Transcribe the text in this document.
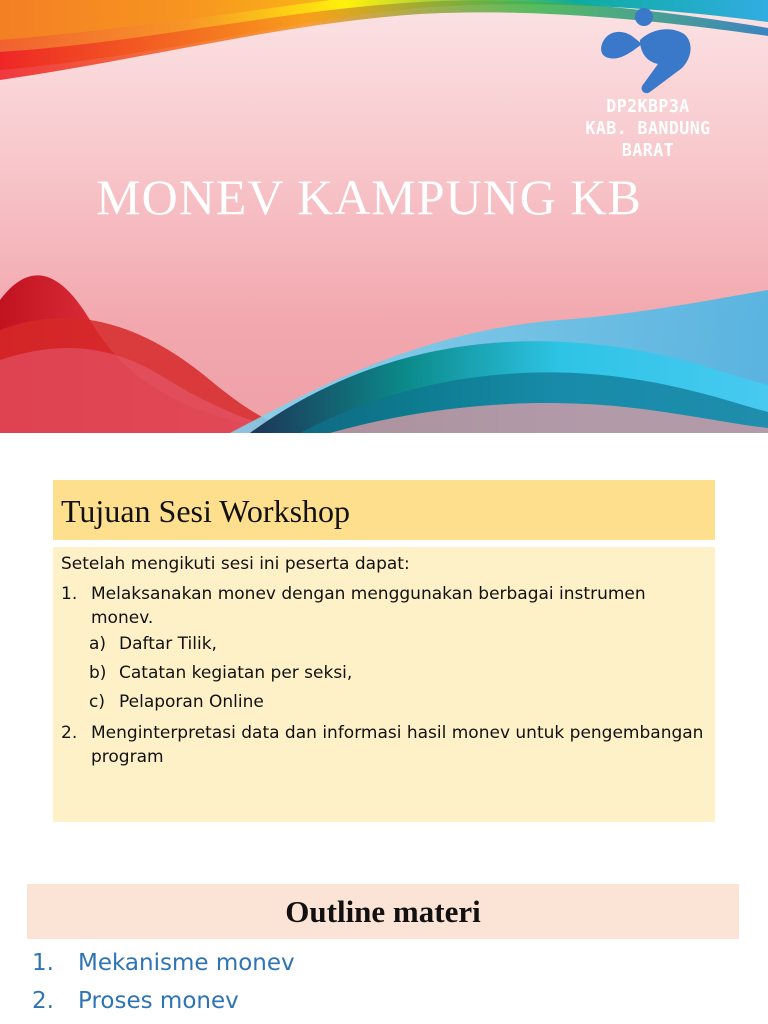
DP2KBP3A
KAB. BANDUNG BARAT
MONEV KAMPUNG KB
Tujuan Sesi Workshop
Setelah mengikuti sesi ini peserta dapat:
1. Melaksanakan monev dengan menggunakan berbagai instrumen monev.
a) Daftar Tilik,
b) Catatan kegiatan per seksi,
c) Pelaporan Online
2. Menginterpretasi data dan informasi hasil monev untuk pengembangan program
Outline materi
1. Mekanisme monev
2. Proses monev
